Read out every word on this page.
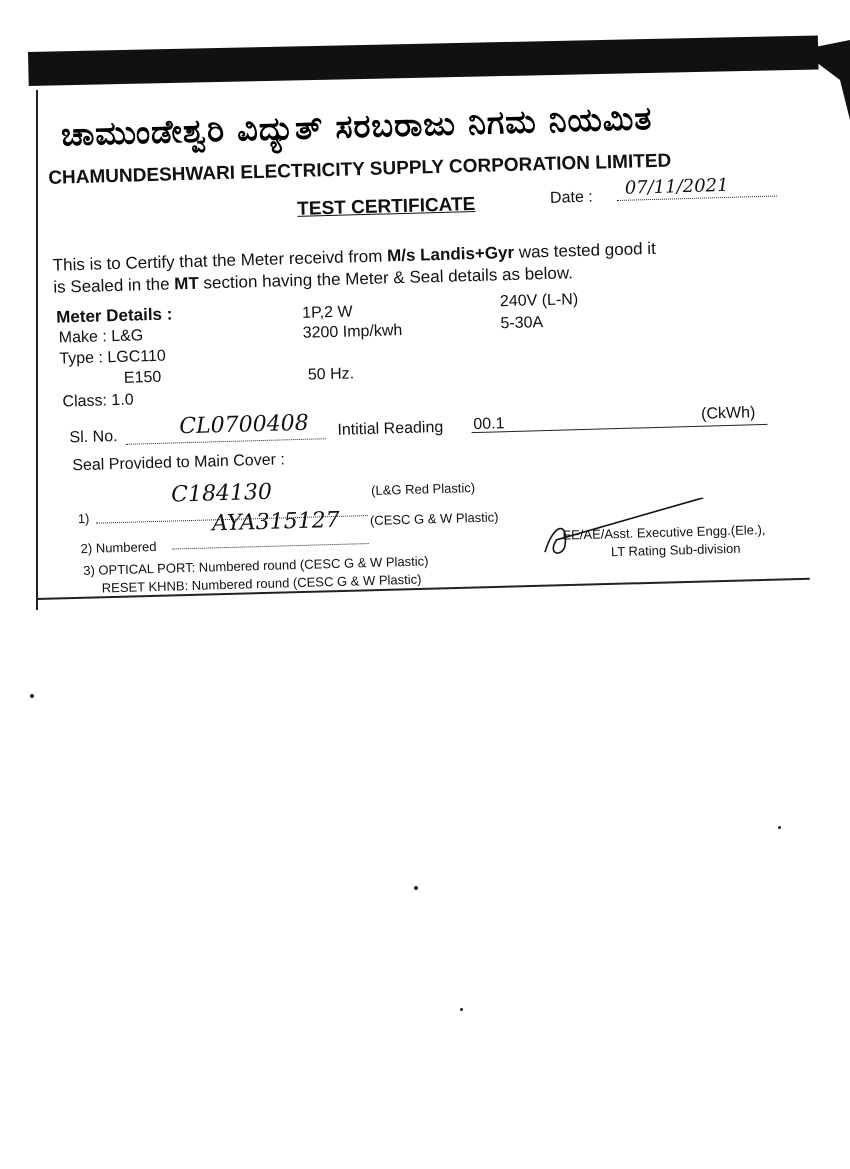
ಚಾಮುಂಡೇಶ್ವರಿ ವಿದ್ಯುತ್ ಸರಬರಾಜು ನಿಗಮ ನಿಯಮಿತ
CHAMUNDESHWARI ELECTRICITY SUPPLY CORPORATION LIMITED
TEST CERTIFICATE	Date : 07/11/2021
This is to Certify that the Meter receivd from M/s Landis+Gyr was tested good it
is Sealed in the MT section having the Meter & Seal details as below.
Meter Details :
Make : L&G
Type : LGC110
E150
Class: 1.0
1P,2 W
3200 Imp/kwh
50 Hz.
240V (L-N)
5-30A
Sl. No.	CL0700408 Intitial Reading 00.1
(CkWh)
Seal Provided to Main Cover :
1)
C184130	(L&G Red Plastic)
2) Numbered
AYA315127 (CESC G & W Plastic)
3) OPTICAL PORT: Numbered round (CESC G & W Plastic)
RESET KHNB: Numbered round (CESC G & W Plastic)
EE/AE/Asst. Executive Engg.(Ele.),
LT Rating Sub-division
